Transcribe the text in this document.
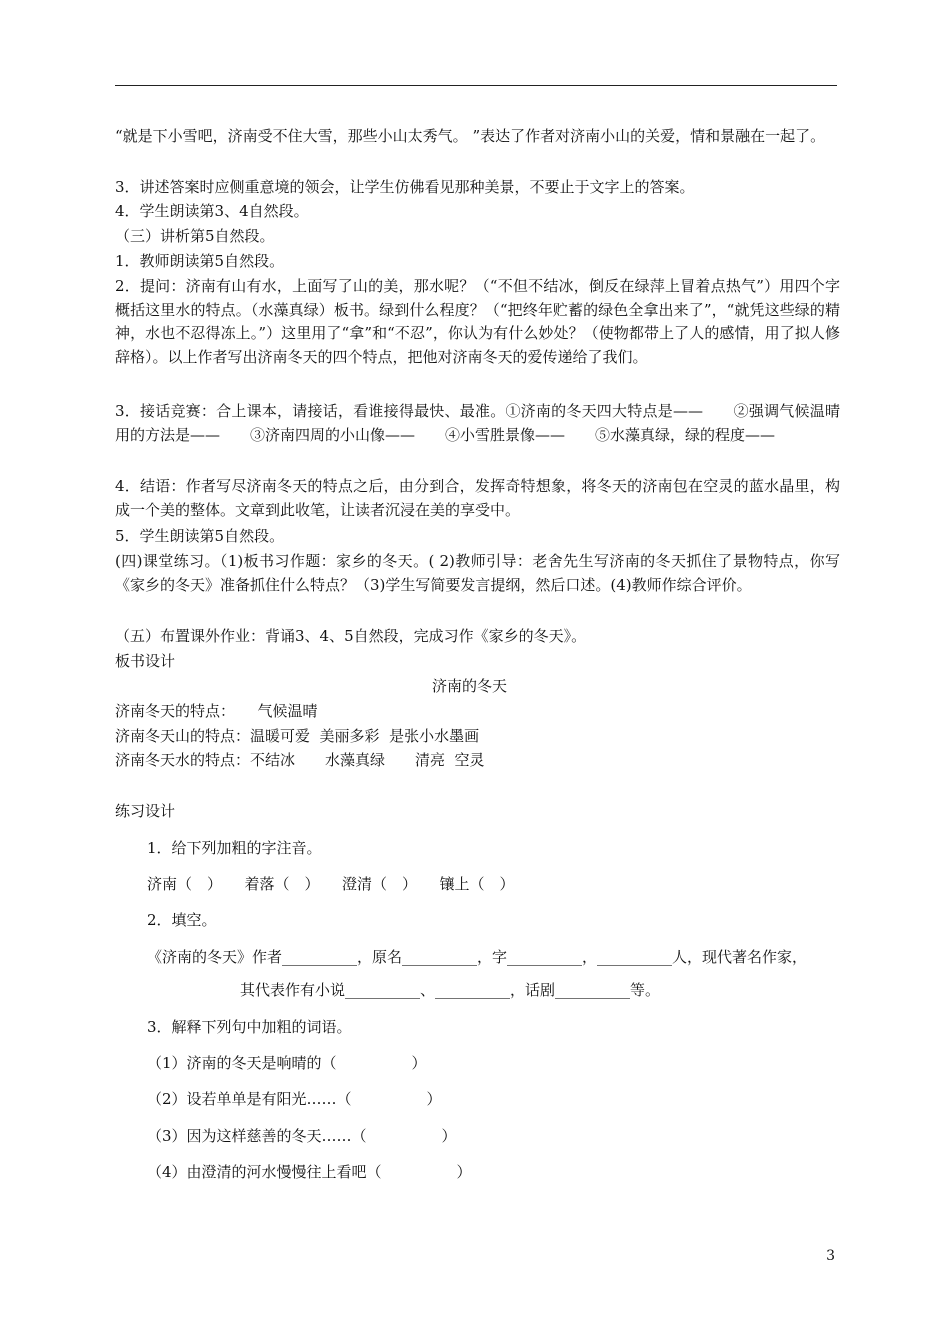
“就是下小雪吧，济南受不住大雪，那些小山太秀气。 ”表达了作者对济南小山的关爱，情和景融在一起了。

3．讲述答案时应侧重意境的领会，让学生仿佛看见那种美景，不要止于文字上的答案。

4．学生朗读第3、4自然段。

（三）讲析第5自然段。

1．教师朗读第5自然段。

2．提问：济南有山有水，上面写了山的美，那水呢？（“不但不结冰，倒反在绿萍上冒着点热气”）用四个字概括这里水的特点。（水藻真绿）板书。绿到什么程度？（“把终年贮蓄的绿色全拿出来了”，“就凭这些绿的精神，水也不忍得冻上。”）这里用了“拿”和“不忍”，你认为有什么妙处？（使物都带上了人的感情，用了拟人修辞格）。以上作者写出济南冬天的四个特点，把他对济南冬天的爱传递给了我们。

3．接话竞赛：合上课本，请接话，看谁接得最快、最准。①济南的冬天四大特点是——　　②强调气候温晴用的方法是——　　③济南四周的小山像——　　④小雪胜景像——　　⑤水藻真绿，绿的程度——

4．结语：作者写尽济南冬天的特点之后，由分到合，发挥奇特想象，将冬天的济南包在空灵的蓝水晶里，构成一个美的整体。文章到此收笔，让读者沉浸在美的享受中。

5．学生朗读第5自然段。

(四)课堂练习。（1)板书习作题：家乡的冬天。( 2)教师引导：老舍先生写济南的冬天抓住了景物特点，你写《家乡的冬天》准备抓住什么特点？（3)学生写简要发言提纲，然后口述。(4)教师作综合评价。

（五）布置课外作业：背诵3、4、5自然段，完成习作《家乡的冬天》。

板书设计
济南的冬天
济南冬天的特点：　　气候温晴
济南冬天山的特点：温暖可爱  美丽多彩  是张小水墨画
济南冬天水的特点：不结冰　　水藻真绿　　清亮  空灵
练习设计
1．给下列加粗的字注音。
济南（　）　　着落（　）　　澄清（　）　　镶上（　）
2．填空。
《济南的冬天》作者__________，原名__________，字__________，__________人，现代著名作家，
其代表作有小说__________、__________，话剧__________等。
3．解释下列句中加粗的词语。
（1）济南的冬天是响晴的（　　　　　）
（2）设若单单是有阳光……（　　　　　）
（3）因为这样慈善的冬天……（　　　　　）
（4）由澄清的河水慢慢往上看吧（　　　　　）
3
